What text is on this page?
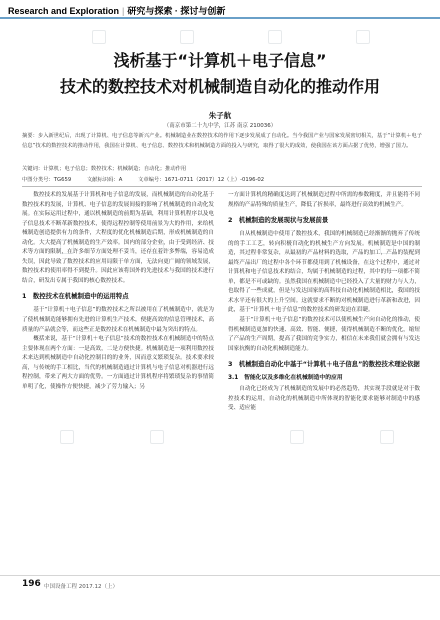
Research and Exploration | 研究与探索 · 探讨与创新
浅析基于“计算机＋电子信息”
技术的数控技术对机械制造自动化的推动作用
朱子航
（南京市第二十九中学，江苏 南京 210036）
摘要：步入新世纪后，出现了计算机、电子信息等新兴产业。机械制造业在数控技术的作用下逐步发展成了自动化。当今我国产业与国家发展密切相关，基于“计算机＋电子信息”技术的数控技术的推动作用，我国在计算机、电子信息、数控技术和机械制造方面的投入与研究，取得了很大的成效，使我国在该方面占据了优势，增强了国力。
关键词：计算机；电子信息；数控技术；机械制造；自动化；推动作用
中图分类号：TG659	文献标识码：A	文章编号：1671-0711（2017）12（上）-0196-02

数控技术的发展基于计算机和电子信息的发展，而机械制造的自动化基于数控技术的发展，计算机、电子信息的发展间接的影响了机械制造的自动化发展。在实际运用过程中，通以机械制造的前期为基础，利用计算机程序以及电子信息技术不断革新数控技术，使得远程控制等使用前景为大的作用，来给机械制造创造提供有力的条件，大程度的优化机械制造后期，形成机械制造的自动化。大大提高了机械制造的生产效率。国内的部分企业，由于受到经济、技术等方面的限制，在许多细节方面处理不妥当，还存在着许多弊端，容易造成失误，因此导致了数控技术的应用局限于单方面，无法向更广阔的领域发展，数控技术的使用率得不到提升。因此应该将国外的先进技术与我国的技术进行结合，研发出专属于我国的核心数控技术。

1　数控技术在机械制造中的运用特点

基于“计算机＋电子信息”的数控技术之所以被用在了机械制造中，就是为了使机械制造能够拥有先进的计算机生产技术，便捷高效的信息管理技术，高质量的产品就会等，而这些正是数控技术在机械制造中最为突出的特点。

概括来说，基于“计算机＋电子信息”技术的数控技术在机械制造中的特点主要体现在两个方面：一是高效，二是方便快捷。机械制造是一项利用数控技术来达到机械制造中自动化控制目的的业务，因而意义繁琐复杂。技术要求较高，与传统的手工相比，当代的机械制造通过计算机与电子信息对机器进行远程控制，带来了两大方面的优势。一方面通过计算机程序将繁琐复杂的事情简单明了化，使操作方便快捷，减少了劳力输入；另

一方面计算机的精确度达到了机械制造过程中所需的参数精度，并且能将不同规格的产品特殊的质量生产，降低了折损率，最终进行高效的机械生产。

2　机械制造的发展现状与发展前景

自从机械制造中使用了数控技术，我国的机械制造已经渐渐的抛弃了传统的的手工工艺，转向积极自动化的机械生产方向发展。机械制造是中国的制造，其过程非常复杂，从最初的产品材料的选取，产品的加工，产品的装配到最终产品出厂的过程中各个环节都使用到了机械设备，在这个过程中，通过对计算机和电子信息技术的结合，均属于机械制造的过程，其中的每一项都不简单，都是不可或缺的。虽然我国在机械制造中已经投入了大量的财力与人力，也取得了一些成就，但是与发达国家的高科技自动化机械制造相比，我国的技术水平还有很大的上升空间。这就要求不断的对机械制造进行革新和改进，因此，基于“计算机＋电子信息”的数控技术的研发迫在眉睫。

基于“计算机＋电子信息”的数控技术可以使机械生产向自动化的推动，使得机械制造更加的快速、高效、智能、便捷，使得机械制造不断的优化，缩短了产品的生产周期，提高了我国的竞争实力，相信在未来我们就会拥有与发达国家抗衡的自动化机械制造能力。

3　机械制造自动化中基于“计算机＋电子信息”的数控技术理论依据
3.1　智能化以及多维化在机械制造中的应用

自动化已经成为了机械制造的发展中的必然趋势，其实现手段就是对于数控技术的运用，自动化的机械制造中所体现的智能化要求能够对制造中的感受、适应能

196 中国设备工程 2017.12（上）
